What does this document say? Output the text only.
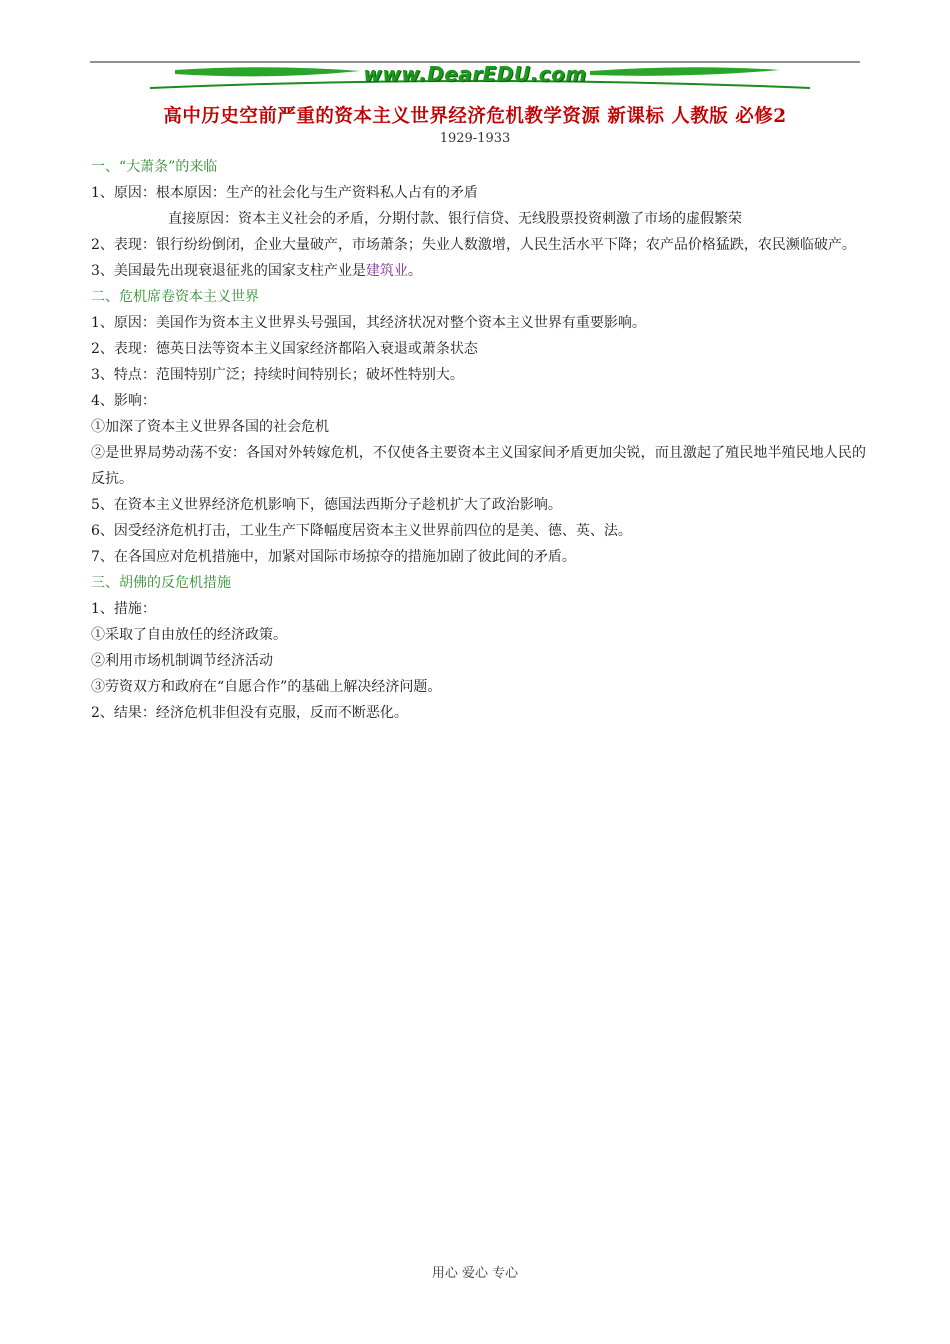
www.DearEDU.com
高中历史空前严重的资本主义世界经济危机教学资源 新课标 人教版 必修2
1929-1933
一、“大萧条”的来临
1、原因：根本原因：生产的社会化与生产资料私人占有的矛盾
直接原因：资本主义社会的矛盾，分期付款、银行信贷、无线股票投资刺激了市场的虚假繁荣
2、表现：银行纷纷倒闭，企业大量破产，市场萧条；失业人数激增，人民生活水平下降；农产品价格猛跌，农民濒临破产。
3、美国最先出现衰退征兆的国家支柱产业是建筑业。
二、危机席卷资本主义世界
1、原因：美国作为资本主义世界头号强国，其经济状况对整个资本主义世界有重要影响。
2、表现：德英日法等资本主义国家经济都陷入衰退或萧条状态
3、特点：范围特别广泛；持续时间特别长；破坏性特别大。
4、影响：
①加深了资本主义世界各国的社会危机
②是世界局势动荡不安：各国对外转嫁危机，不仅使各主要资本主义国家间矛盾更加尖锐，而且激起了殖民地半殖民地人民的反抗。
5、在资本主义世界经济危机影响下，德国法西斯分子趁机扩大了政治影响。
6、因受经济危机打击，工业生产下降幅度居资本主义世界前四位的是美、德、英、法。
7、在各国应对危机措施中，加紧对国际市场掠夺的措施加剧了彼此间的矛盾。
三、胡佛的反危机措施
1、措施：
①采取了自由放任的经济政策。
②利用市场机制调节经济活动
③劳资双方和政府在“自愿合作”的基础上解决经济问题。
2、结果：经济危机非但没有克服，反而不断恶化。
用心 爱心 专心
